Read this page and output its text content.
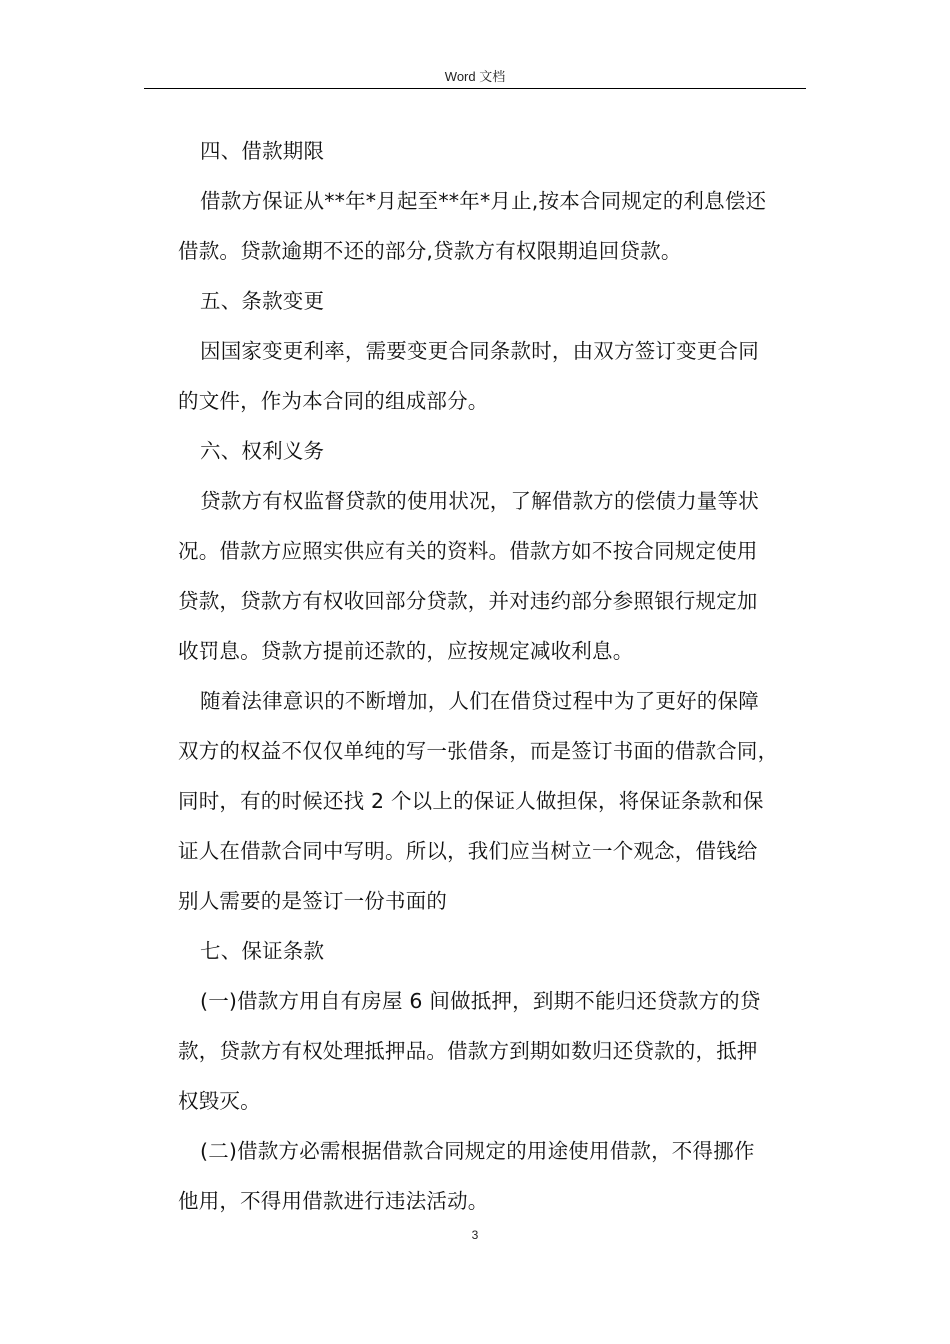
Word 文档
四、借款期限
借款方保证从**年*月起至**年*月止,按本合同规定的利息偿还
借款。贷款逾期不还的部分,贷款方有权限期追回贷款。
五、条款变更
因国家变更利率，需要变更合同条款时，由双方签订变更合同
的文件，作为本合同的组成部分。
六、权利义务
贷款方有权监督贷款的使用状况，了解借款方的偿债力量等状
况。借款方应照实供应有关的资料。借款方如不按合同规定使用
贷款，贷款方有权收回部分贷款，并对违约部分参照银行规定加
收罚息。贷款方提前还款的，应按规定减收利息。
随着法律意识的不断增加，人们在借贷过程中为了更好的保障
双方的权益不仅仅单纯的写一张借条，而是签订书面的借款合同，
同时，有的时候还找 2 个以上的保证人做担保，将保证条款和保
证人在借款合同中写明。所以，我们应当树立一个观念，借钱给
别人需要的是签订一份书面的
七、保证条款
(一)借款方用自有房屋 6 间做抵押，到期不能归还贷款方的贷
款，贷款方有权处理抵押品。借款方到期如数归还贷款的，抵押
权毁灭。
(二)借款方必需根据借款合同规定的用途使用借款，不得挪作
他用，不得用借款进行违法活动。
3
